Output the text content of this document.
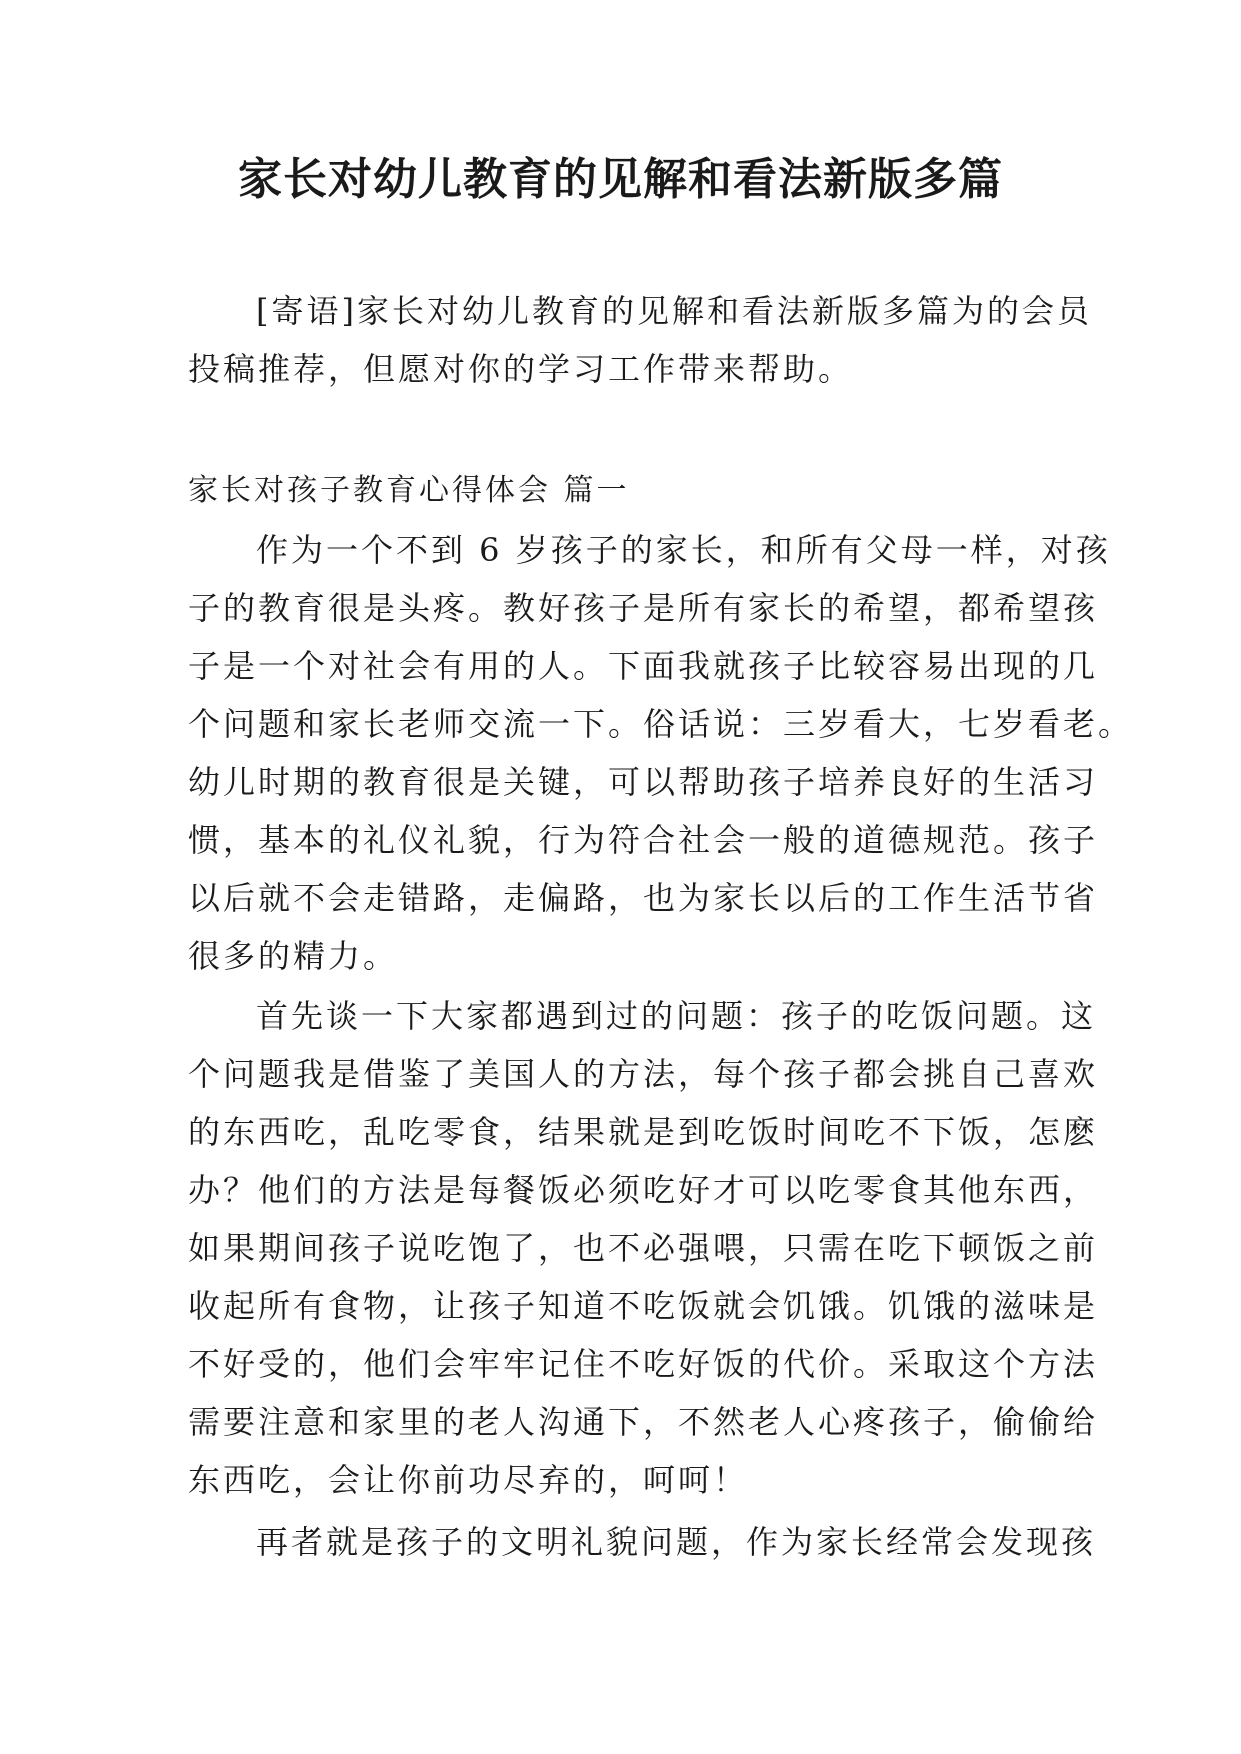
家长对幼儿教育的见解和看法新版多篇
[寄语]家长对幼儿教育的见解和看法新版多篇为的会员
投稿推荐，但愿对你的学习工作带来帮助。
家长对孩子教育心得体会 篇一
作为一个不到 6 岁孩子的家长，和所有父母一样，对孩
子的教育很是头疼。教好孩子是所有家长的希望，都希望孩
子是一个对社会有用的人。下面我就孩子比较容易出现的几
个问题和家长老师交流一下。俗话说：三岁看大，七岁看老。
幼儿时期的教育很是关键，可以帮助孩子培养良好的生活习
惯，基本的礼仪礼貌，行为符合社会一般的道德规范。孩子
以后就不会走错路，走偏路，也为家长以后的工作生活节省
很多的精力。
首先谈一下大家都遇到过的问题：孩子的吃饭问题。这
个问题我是借鉴了美国人的方法，每个孩子都会挑自己喜欢
的东西吃，乱吃零食，结果就是到吃饭时间吃不下饭，怎麽
办？他们的方法是每餐饭必须吃好才可以吃零食其他东西，
如果期间孩子说吃饱了，也不必强喂，只需在吃下顿饭之前
收起所有食物，让孩子知道不吃饭就会饥饿。饥饿的滋味是
不好受的，他们会牢牢记住不吃好饭的代价。采取这个方法
需要注意和家里的老人沟通下，不然老人心疼孩子，偷偷给
东西吃，会让你前功尽弃的，呵呵！
再者就是孩子的文明礼貌问题，作为家长经常会发现孩
